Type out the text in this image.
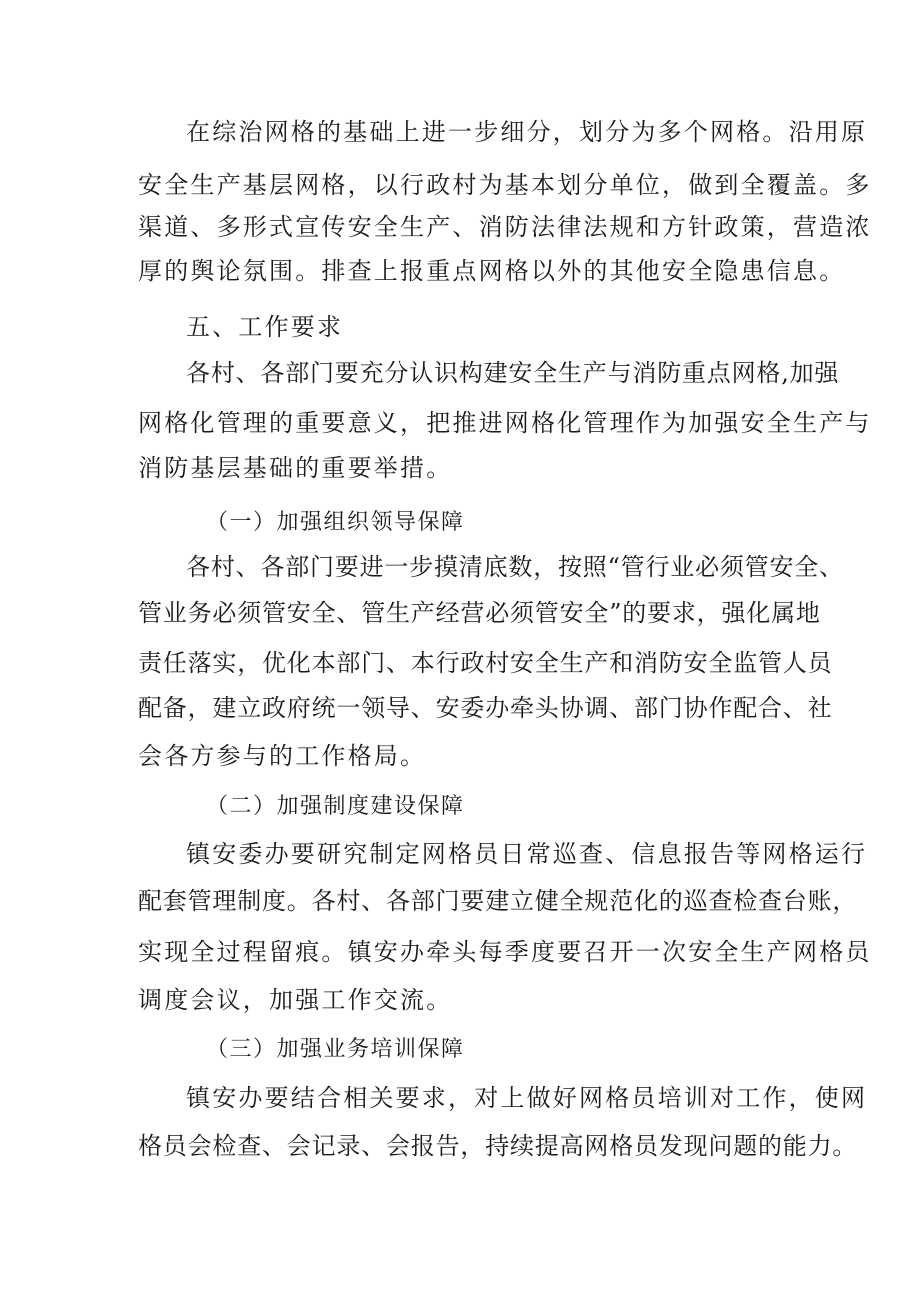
在综治网格的基础上进一步细分，划分为多个网格。沿用原
安全生产基层网格，以行政村为基本划分单位，做到全覆盖。多
渠道、多形式宣传安全生产、消防法律法规和方针政策，营造浓
厚的舆论氛围。排查上报重点网格以外的其他安全隐患信息。
五、工作要求
各村、各部门要充分认识构建安全生产与消防重点网格,加强
网格化管理的重要意义，把推进网格化管理作为加强安全生产与
消防基层基础的重要举措。
（一）加强组织领导保障
各村、各部门要进一步摸清底数，按照“管行业必须管安全、
管业务必须管安全、管生产经营必须管安全”的要求，强化属地
责任落实，优化本部门、本行政村安全生产和消防安全监管人员
配备，建立政府统一领导、安委办牵头协调、部门协作配合、社
会各方参与的工作格局。
（二）加强制度建设保障
镇安委办要研究制定网格员日常巡查、信息报告等网格运行
配套管理制度。各村、各部门要建立健全规范化的巡查检查台账，
实现全过程留痕。镇安办牵头每季度要召开一次安全生产网格员
调度会议，加强工作交流。
（三）加强业务培训保障
镇安办要结合相关要求，对上做好网格员培训对工作，使网
格员会检查、会记录、会报告，持续提高网格员发现问题的能力。
